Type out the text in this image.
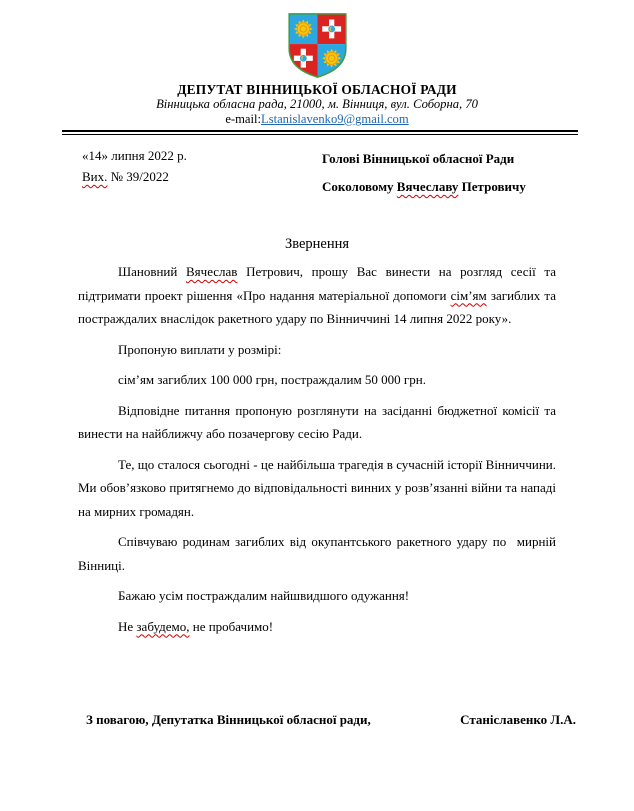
ДЕПУТАТ ВІННИЦЬКОЇ ОБЛАСНОЇ РАДИ
Вінницька обласна рада, 21000, м. Вінниця, вул. Соборна, 70
e-mail:Lstanislavenko9@gmail.com
«14» липня 2022 р.
Вих. № 39/2022
Голові Вінницької обласної Ради
Соколовому Вячеславу Петровичу
Звернення

Шановний Вячеслав Петрович, прошу Вас винести на розгляд сесії та підтримати проект рішення «Про надання матеріальної допомоги сім’ям загиблих та постраждалих внаслідок ракетного удару по Вінниччині 14 липня 2022 року».

Пропоную виплати у розмірі:

сім’ям загиблих 100 000 грн, постраждалим 50 000 грн.

Відповідне питання пропоную розглянути на засіданні бюджетної комісії та винести на найближчу або позачергову сесію Ради.

Те, що сталося сьогодні - це найбільша трагедія в сучасній історії Вінниччини. Ми обов’язково притягнемо до відповідальності винних у розв’язанні війни та нападі на мирних громадян.

Співчуваю родинам загиблих від окупантського ракетного удару по  мирній Вінниці.

Бажаю усім постраждалим найшвидшого одужання!

Не забудемо, не пробачимо!

З повагою, Депутатка Вінницької обласної ради,	Станіславенко Л.А.
